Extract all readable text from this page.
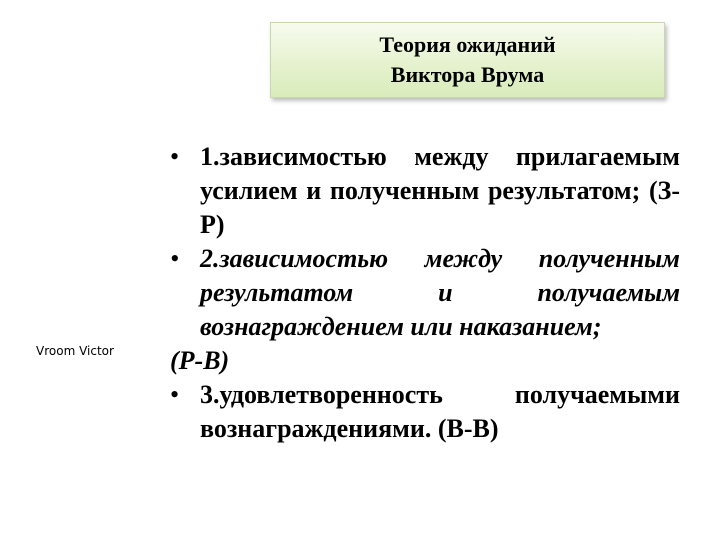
Теория ожиданий
Виктора Врума
Vroom Victor

• 1.зависимостью между прилагаемым усилием и полученным результатом; (З-Р)

• 2.зависимостью между полученным результатом и получаемым вознаграждением или наказанием;

(Р-В)

• 3.удовлетворенность получаемыми вознаграждениями. (В-В)
